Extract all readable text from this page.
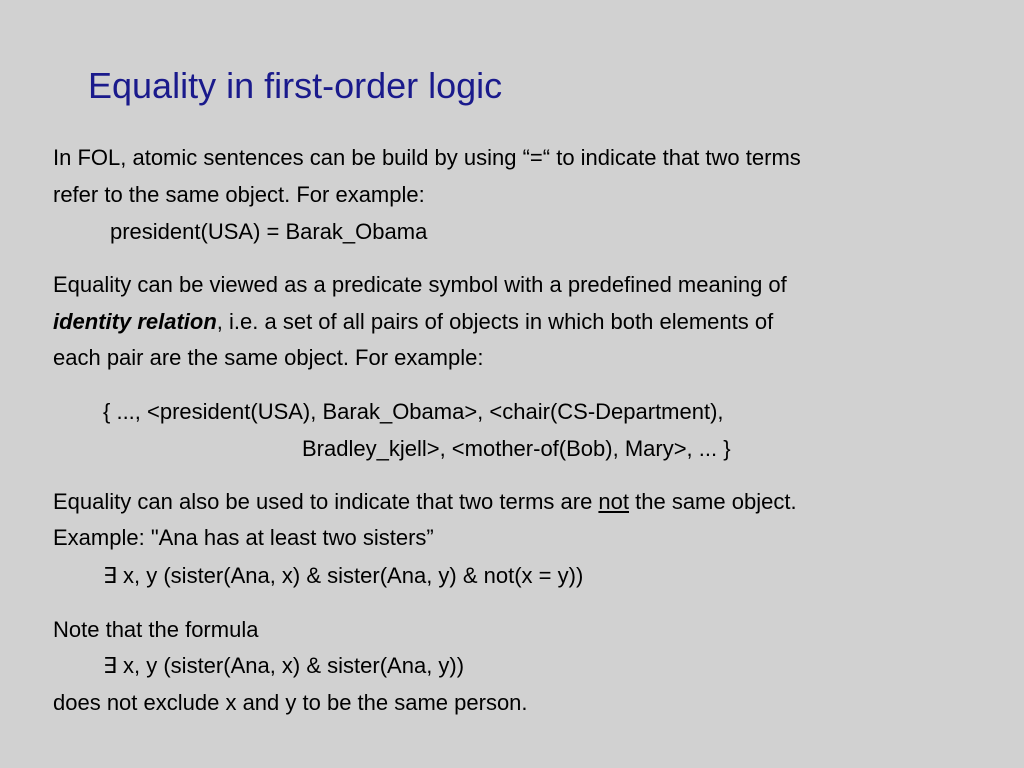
Equality in first-order logic
In FOL, atomic sentences can be build by using “=“ to indicate that two terms
refer to the same object. For example:
president(USA) = Barak_Obama
Equality can be viewed as a predicate symbol with a predefined meaning of
identity relation, i.e. a set of all pairs of objects in which both elements of
each pair are the same object. For example:
{ ..., <president(USA), Barak_Obama>, <chair(CS-Department),
Bradley_kjell>, <mother-of(Bob), Mary>, ... }
Equality can also be used to indicate that two terms are not the same object.
Example: "Ana has at least two sisters”
∃ x, y (sister(Ana, x) & sister(Ana, y) & not(x = y))
Note that the formula
∃ x, y (sister(Ana, x) & sister(Ana, y))
does not exclude x and y to be the same person.
